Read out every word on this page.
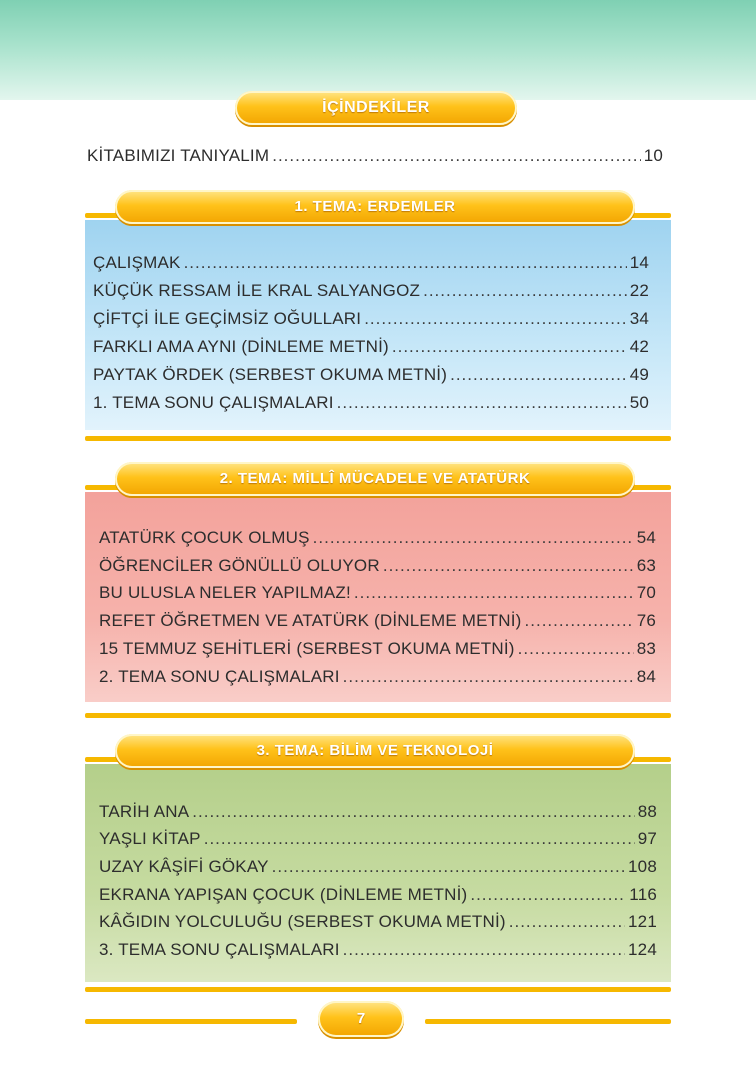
İÇİNDEKİLER
KİTABIMIZI TANIYALIM .....	10
1. TEMA: ERDEMLER
ÇALIŞMAK .....	14
KÜÇÜK RESSAM İLE KRAL SALYANGOZ .....	22
ÇİFTÇİ İLE GEÇİMSİZ OĞULLARI .....	34
FARKLI AMA AYNI (DİNLEME METNİ) .....	42
PAYTAK ÖRDEK (SERBEST OKUMA METNİ) .....	49
1. TEMA SONU ÇALIŞMALARI .....	50
2. TEMA: MİLLÎ MÜCADELE VE ATATÜRK
ATATÜRK ÇOCUK OLMUŞ .....	54
ÖĞRENCİLER GÖNÜLLÜ OLUYOR .....	63
BU ULUSLA NELER YAPILMAZ! .....	70
REFET ÖĞRETMEN VE ATATÜRK (DİNLEME METNİ) .....	76
15 TEMMUZ ŞEHİTLERİ (SERBEST OKUMA METNİ) .....	83
2. TEMA SONU ÇALIŞMALARI .....	84
3. TEMA: BİLİM VE TEKNOLOJİ
TARİH ANA .....	88
YAŞLI KİTAP .....	97
UZAY KÂŞİFİ GÖKAY .....	108
EKRANA YAPIŞAN ÇOCUK (DİNLEME METNİ) .....	116
KÂĞIDIN YOLCULUĞU (SERBEST OKUMA METNİ) .....	121
3. TEMA SONU ÇALIŞMALARI .....	124
7
